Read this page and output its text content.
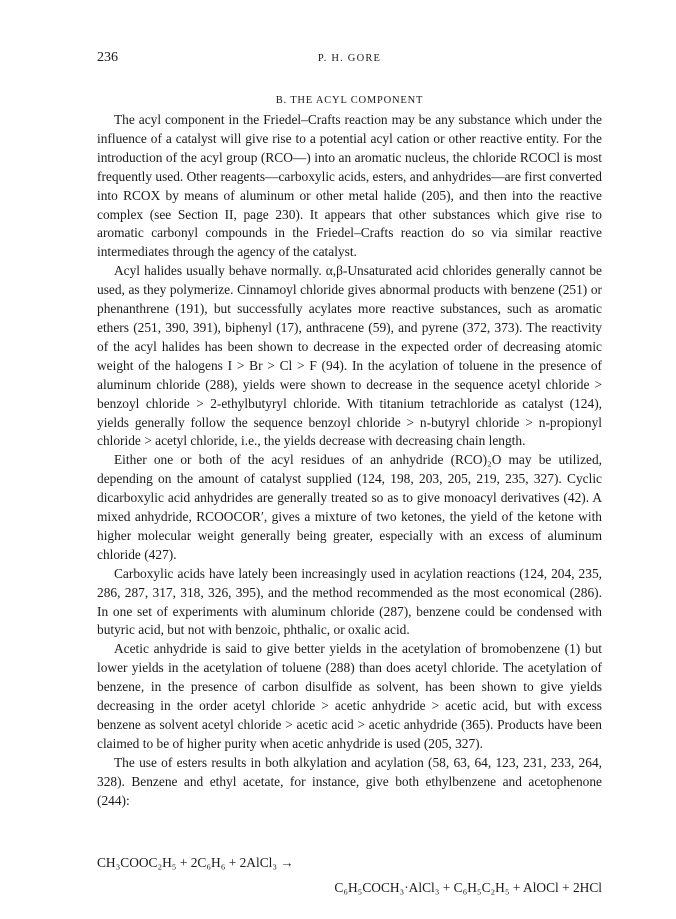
236	P. H. GORE
B. THE ACYL COMPONENT

The acyl component in the Friedel–Crafts reaction may be any substance which under the influence of a catalyst will give rise to a potential acyl cation or other reactive entity. For the introduction of the acyl group (RCO—) into an aromatic nucleus, the chloride RCOCl is most frequently used. Other reagents—carboxylic acids, esters, and anhydrides—are first converted into RCOX by means of aluminum or other metal halide (205), and then into the reactive complex (see Section II, page 230). It appears that other substances which give rise to aromatic carbonyl compounds in the Friedel–Crafts reaction do so via similar reactive intermediates through the agency of the catalyst.

Acyl halides usually behave normally. α,β-Unsaturated acid chlorides generally cannot be used, as they polymerize. Cinnamoyl chloride gives abnormal products with benzene (251) or phenanthrene (191), but successfully acylates more reactive substances, such as aromatic ethers (251, 390, 391), biphenyl (17), anthracene (59), and pyrene (372, 373). The reactivity of the acyl halides has been shown to decrease in the expected order of decreasing atomic weight of the halogens I > Br > Cl > F (94). In the acylation of toluene in the presence of aluminum chloride (288), yields were shown to decrease in the sequence acetyl chloride > benzoyl chloride > 2-ethylbutyryl chloride. With titanium tetrachloride as catalyst (124), yields generally follow the sequence benzoyl chloride > n-butyryl chloride > n-propionyl chloride > acetyl chloride, i.e., the yields decrease with decreasing chain length.

Either one or both of the acyl residues of an anhydride (RCO)₂O may be utilized, depending on the amount of catalyst supplied (124, 198, 203, 205, 219, 235, 327). Cyclic dicarboxylic acid anhydrides are generally treated so as to give monoacyl derivatives (42). A mixed anhydride, RCOOCOR′, gives a mixture of two ketones, the yield of the ketone with higher molecular weight generally being greater, especially with an excess of aluminum chloride (427).

Carboxylic acids have lately been increasingly used in acylation reactions (124, 204, 235, 286, 287, 317, 318, 326, 395), and the method recommended as the most economical (286). In one set of experiments with aluminum chloride (287), benzene could be condensed with butyric acid, but not with benzoic, phthalic, or oxalic acid.

Acetic anhydride is said to give better yields in the acetylation of bromobenzene (1) but lower yields in the acetylation of toluene (288) than does acetyl chloride. The acetylation of benzene, in the presence of carbon disulfide as solvent, has been shown to give yields decreasing in the order acetyl chloride > acetic anhydride > acetic acid, but with excess benzene as solvent acetyl chloride > acetic acid > acetic anhydride (365). Products have been claimed to be of higher purity when acetic anhydride is used (205, 327).

The use of esters results in both alkylation and acylation (58, 63, 64, 123, 231, 233, 264, 328). Benzene and ethyl acetate, for instance, give both ethylbenzene and acetophenone (244):

CH₃COOC₂H₅ + 2C₆H₆ + 2AlCl₃ →
C₆H₅COCH₃·AlCl₃ + C₆H₅C₂H₅ + AlOCl + 2HCl
